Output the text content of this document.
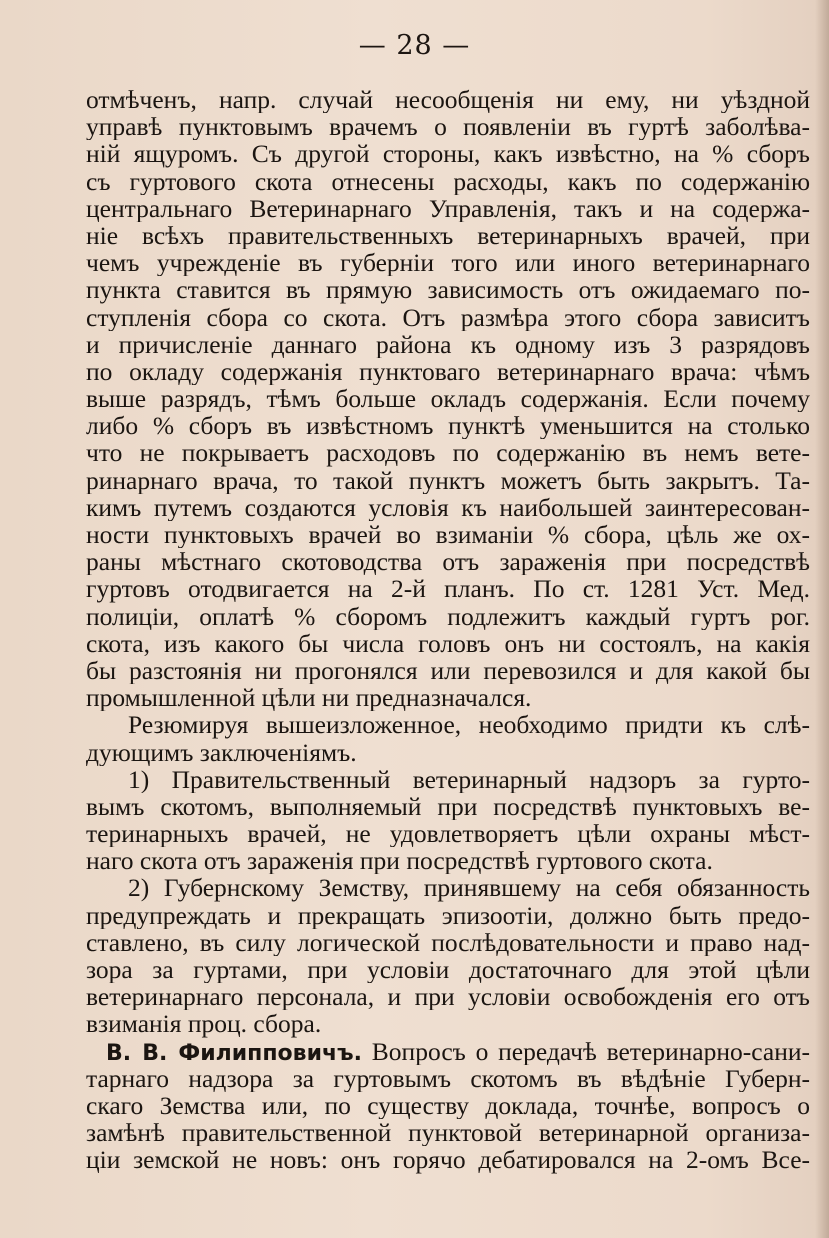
— 28 —
отмѣченъ, напр. случай несообщенія ни ему, ни уѣздной
управѣ пунктовымъ врачемъ о появленіи въ гуртѣ заболѣва-
ній ящуромъ. Съ другой стороны, какъ извѣстно, на % сборъ
съ гуртового скота отнесены расходы, какъ по содержанію
центральнаго Ветеринарнаго Управленія, такъ и на содержа-
ніе всѣхъ правительственныхъ ветеринарныхъ врачей, при
чемъ учрежденіе въ губерніи того или иного ветеринарнаго
пункта ставится въ прямую зависимость отъ ожидаемаго по-
ступленія сбора со скота. Отъ размѣра этого сбора зависитъ
и причисленіе даннаго района къ одному изъ 3 разрядовъ
по окладу содержанія пунктоваго ветеринарнаго врача: чѣмъ
выше разрядъ, тѣмъ больше окладъ содержанія. Если почему
либо % сборъ въ извѣстномъ пунктѣ уменьшится на столько
что не покрываетъ расходовъ по содержанію въ немъ вете-
ринарнаго врача, то такой пунктъ можетъ быть закрытъ. Та-
кимъ путемъ создаются условія къ наибольшей заинтересован-
ности пунктовыхъ врачей во взиманіи % сбора, цѣль же ох-
раны мѣстнаго скотоводства отъ зараженія при посредствѣ
гуртовъ отодвигается на 2-й планъ. По ст. 1281 Уст. Мед.
полиціи, оплатѣ % сборомъ подлежитъ каждый гуртъ рог.
скота, изъ какого бы числа головъ онъ ни состоялъ, на какія
бы разстоянія ни прогонялся или перевозился и для какой бы
промышленной цѣли ни предназначался.
Резюмируя вышеизложенное, необходимо придти къ слѣ-
дующимъ заключеніямъ.
1) Правительственный ветеринарный надзоръ за гурто-
вымъ скотомъ, выполняемый при посредствѣ пунктовыхъ ве-
теринарныхъ врачей, не удовлетворяетъ цѣли охраны мѣст-
наго скота отъ зараженія при посредствѣ гуртового скота.
2) Губернскому Земству, принявшему на себя обязанность
предупреждать и прекращать эпизоотіи, должно быть предо-
ставлено, въ силу логической послѣдовательности и право над-
зора за гуртами, при условіи достаточнаго для этой цѣли
ветеринарнаго персонала, и при условіи освобожденія его отъ
взиманія проц. сбора.
В. В. Филипповичъ. Вопросъ о передачѣ ветеринарно-сани-
тарнаго надзора за гуртовымъ скотомъ въ вѣдѣніе Губерн-
скаго Земства или, по существу доклада, точнѣе, вопросъ о
замѣнѣ правительственной пунктовой ветеринарной организа-
ціи земской не новъ: онъ горячо дебатировался на 2-омъ Все-
